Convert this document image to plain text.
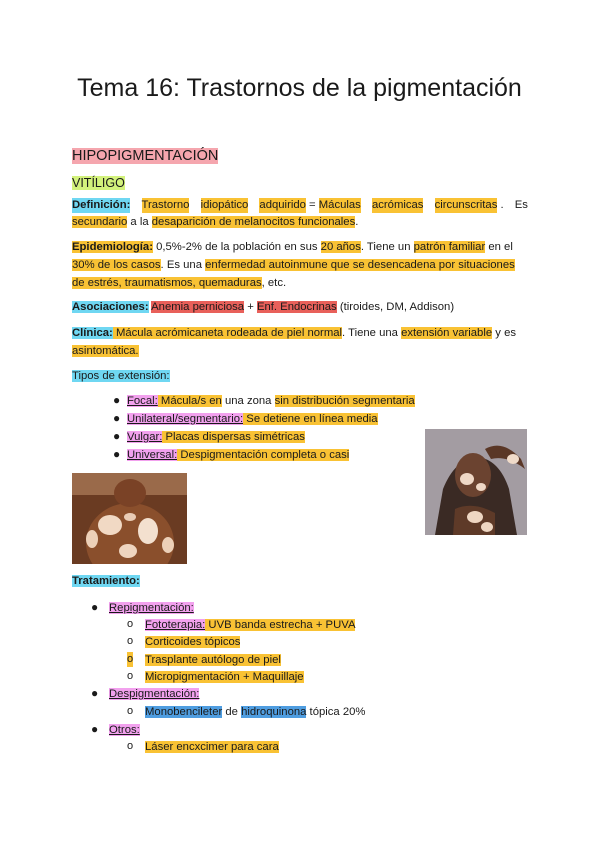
Tema 16: Trastornos de la pigmentación
HIPOPIGMENTACIÓN
VITÍLIGO
Definición: Trastorno idiopático adquirido = Máculas acrómicas circunscritas . Es
secundario a la desaparición de melanocitos funcionales.
Epidemiología: 0,5%-2% de la población en sus 20 años. Tiene un patrón familiar en el
30% de los casos. Es una enfermedad autoinmune que se desencadena por situaciones
de estrés, traumatismos, quemaduras, etc.
Asociaciones: Anemia perniciosa + Enf. Endocrinas (tiroides, DM, Addison)
Clínica: Mácula acrómicaneta rodeada de piel normal. Tiene una extensión variable y es
asintomática.
Tipos de extensión:
● Focal: Mácula/s en una zona sin distribución segmentaria
● Unilateral/segmentario: Se detiene en línea media
● Vulgar: Placas dispersas simétricas
● Universal: Despigmentación completa o casi
Tratamiento:
● Repigmentación:
o Fototerapia: UVB banda estrecha + PUVA
o Corticoides tópicos
o Trasplante autólogo de piel
o Micropigmentación + Maquillaje
● Despigmentación:
o Monobencileter de hidroquinona tópica 20%
● Otros:
o Láser encxcimer para cara
